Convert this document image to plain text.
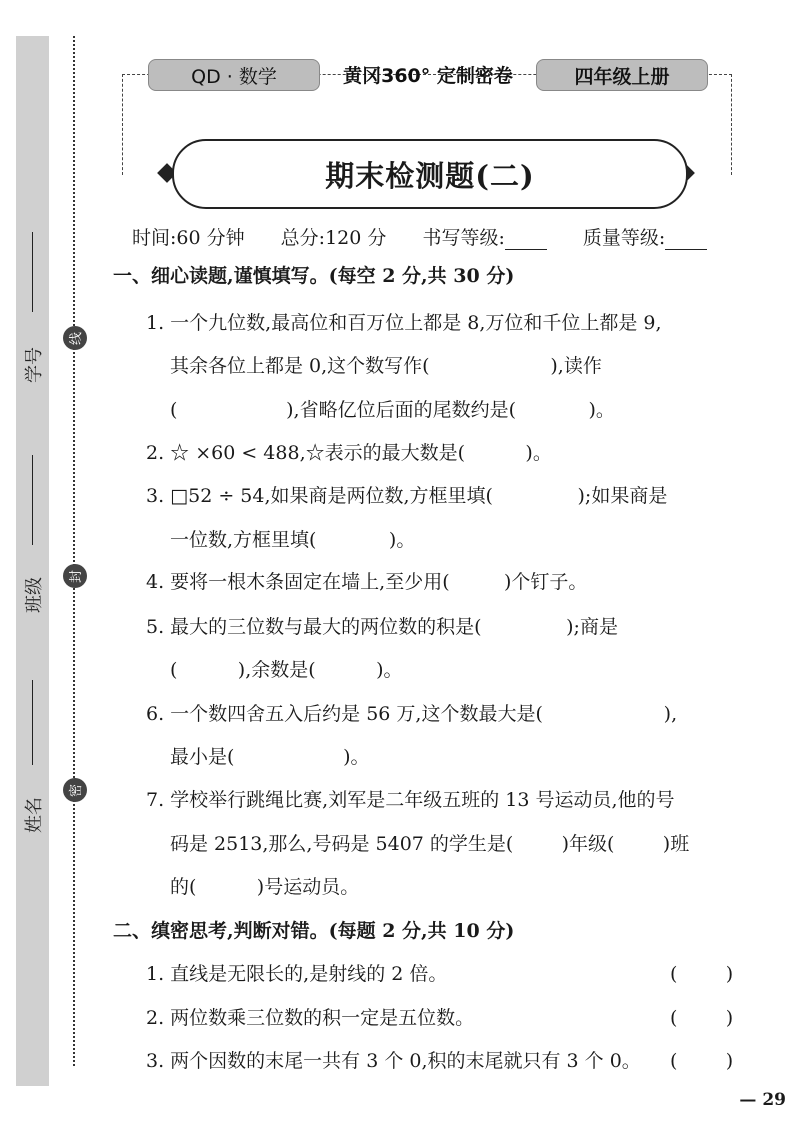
学号
班级
姓名
线
封
密
QD · 数学	黄冈360° 定制密卷	四年级上册
期末检测题(二)
时间:60 分钟 总分:120 分 书写等级:	质量等级:
一、细心读题,谨慎填写。(每空 2 分,共 30 分)
1. 一个九位数,最高位和百万位上都是 8,万位和千位上都是 9,
其余各位上都是 0,这个数写作(                    ),读作
(                  ),省略亿位后面的尾数约是(            )。
2. ☆ ×60 < 488,☆表示的最大数是(          )。
3. □52 ÷ 54,如果商是两位数,方框里填(              );如果商是
一位数,方框里填(            )。
4. 要将一根木条固定在墙上,至少用(         )个钉子。
5. 最大的三位数与最大的两位数的积是(              );商是
(          ),余数是(          )。
6. 一个数四舍五入后约是 56 万,这个数最大是(                    ),
最小是(                  )。
7. 学校举行跳绳比赛,刘军是二年级五班的 13 号运动员,他的号
码是 2513,那么,号码是 5407 的学生是(        )年级(        )班
的(          )号运动员。
二、缜密思考,判断对错。(每题 2 分,共 10 分)
1. 直线是无限长的,是射线的 2 倍。	(        )
2. 两位数乘三位数的积一定是五位数。	(        )
3. 两个因数的末尾一共有 3 个 0,积的末尾就只有 3 个 0。 (        )
— 29
